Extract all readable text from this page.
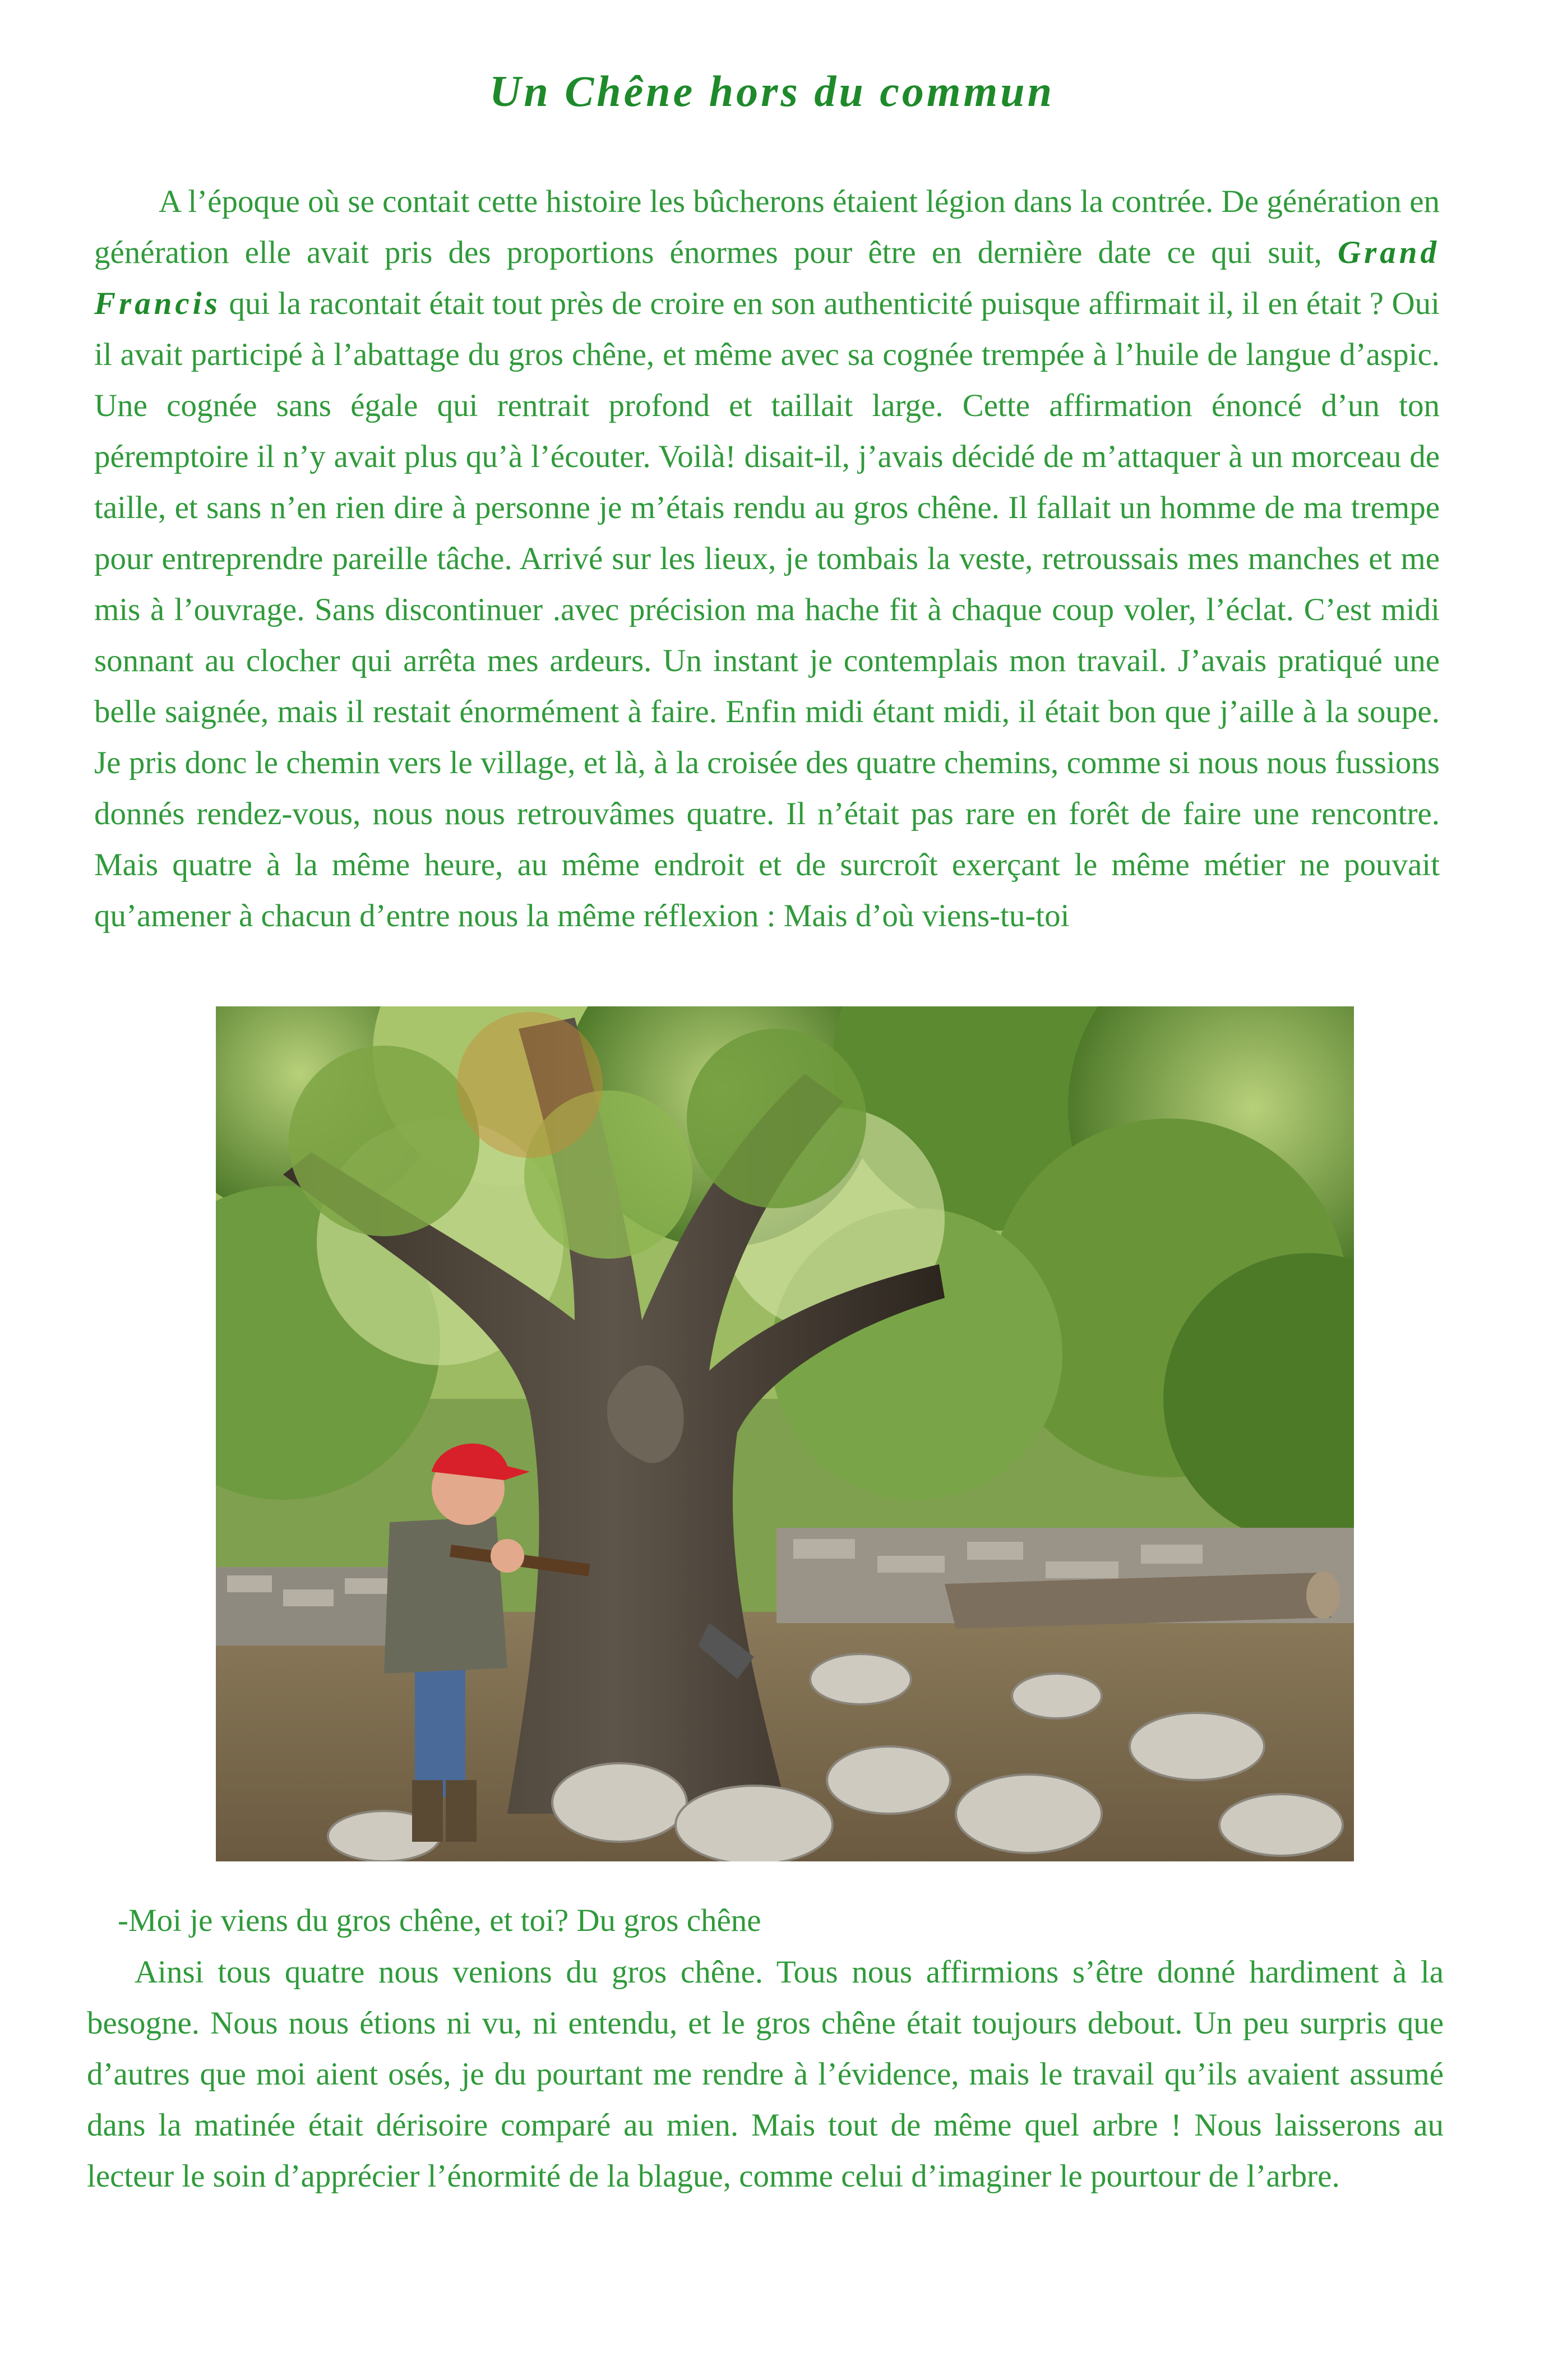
Un Chêne hors du commun
A l’époque où se contait cette histoire les bûcherons étaient légion dans la contrée. De génération en génération elle avait pris des proportions énormes pour être en dernière date ce qui suit, Grand Francis qui la racontait était tout près de croire en son authenticité puisque affirmait il, il en était ? Oui il avait participé à l’abattage du gros chêne, et même avec sa cognée trempée à l’huile de langue d’aspic. Une cognée sans égale qui rentrait profond et taillait large. Cette affirmation énoncé d’un ton péremptoire il n’y avait plus qu’à l’écouter. Voilà! disait-il, j’avais décidé de m’attaquer à un morceau de taille, et sans n’en rien dire à personne je m’étais rendu au gros chêne. Il fallait un homme de ma trempe pour entreprendre pareille tâche. Arrivé sur les lieux, je tombais la veste, retroussais mes manches et me mis à l’ouvrage. Sans discontinuer .avec précision ma hache fit à chaque coup voler, l’éclat. C’est midi sonnant au clocher qui arrêta mes ardeurs. Un instant je contemplais mon travail. J’avais pratiqué une belle saignée, mais il restait énormément à faire. Enfin midi étant midi, il était bon que j’aille à la soupe. Je pris donc le chemin vers le village, et là, à la croisée des quatre chemins, comme si nous nous fussions donnés rendez-vous, nous nous retrouvâmes quatre. Il n’était pas rare en forêt de faire une rencontre. Mais quatre à la même heure, au même endroit et de surcroît exerçant le même métier ne pouvait qu’amener à chacun d’entre nous la même réflexion : Mais d’où viens-tu-toi
-Moi je viens du gros chêne, et toi? Du gros chêne
Ainsi tous quatre nous venions du gros chêne. Tous nous affirmions s’être donné hardiment à la besogne. Nous nous étions ni vu, ni entendu, et le gros chêne était toujours debout. Un peu surpris que d’autres que moi aient osés, je du pourtant me rendre à l’évidence, mais le travail qu’ils avaient assumé dans la matinée était dérisoire comparé au mien. Mais tout de même quel arbre ! Nous laisserons au lecteur le soin d’apprécier l’énormité de la blague, comme celui d’imaginer le pourtour de l’arbre.
